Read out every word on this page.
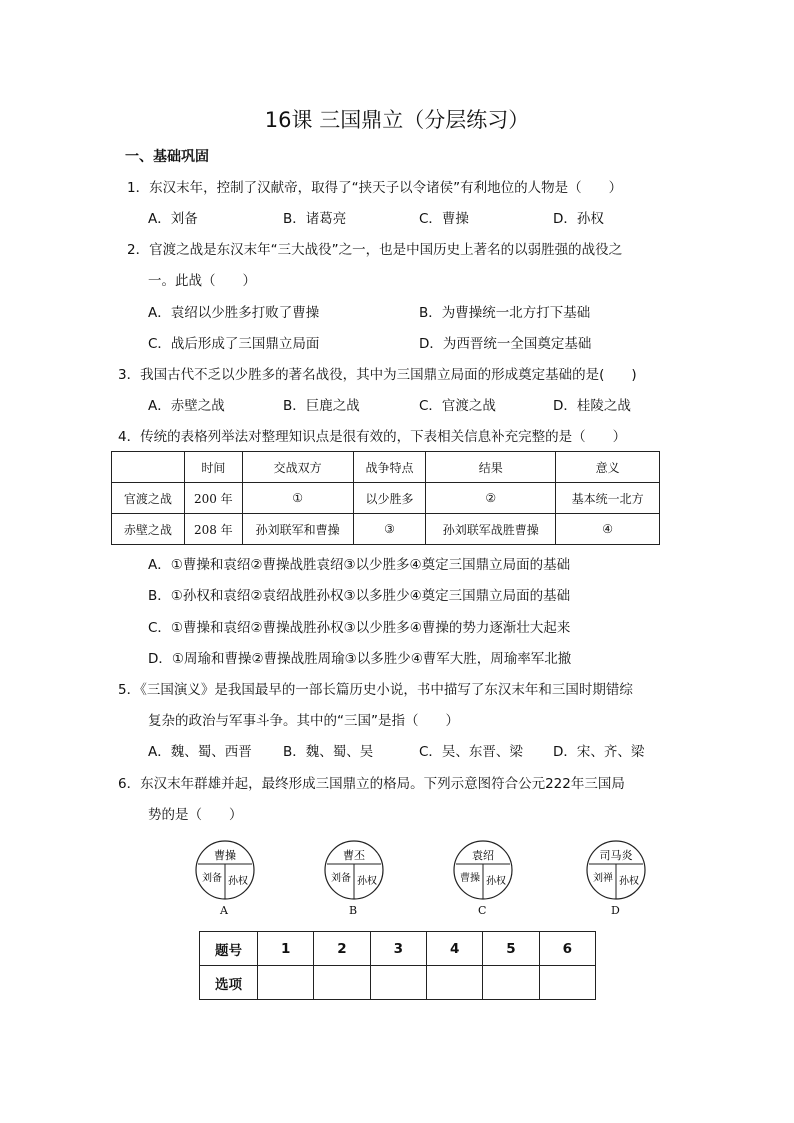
16课 三国鼎立（分层练习）
一、基础巩固
1．东汉末年，控制了汉献帝，取得了“挟天子以令诸侯”有利地位的人物是（　　）
A．刘备	B．诸葛亮	C．曹操	D．孙权
2．官渡之战是东汉末年“三大战役”之一，也是中国历史上著名的以弱胜强的战役之
一。此战（　　）
A．袁绍以少胜多打败了曹操	B．为曹操统一北方打下基础
C．战后形成了三国鼎立局面	D．为西晋统一全国奠定基础
3．我国古代不乏以少胜多的著名战役，其中为三国鼎立局面的形成奠定基础的是(　　)
A．赤壁之战	B．巨鹿之战	C．官渡之战	D．桂陵之战
4．传统的表格列举法对整理知识点是很有效的，下表相关信息补充完整的是（　　）
	时间	交战双方	战争特点	结果	意义
官渡之战	200 年	①	以少胜多	②	基本统一北方
赤壁之战	208 年	孙刘联军和曹操	③	孙刘联军战胜曹操	④
A．①曹操和袁绍②曹操战胜袁绍③以少胜多④奠定三国鼎立局面的基础
B．①孙权和袁绍②袁绍战胜孙权③以多胜少④奠定三国鼎立局面的基础
C．①曹操和袁绍②曹操战胜孙权③以少胜多④曹操的势力逐渐壮大起来
D．①周瑜和曹操②曹操战胜周瑜③以多胜少④曹军大胜，周瑜率军北撤
5．《三国演义》是我国最早的一部长篇历史小说，书中描写了东汉末年和三国时期错综
复杂的政治与军事斗争。其中的“三国”是指（　　）
A．魏、蜀、西晋 B．魏、蜀、吴	C．吴、东晋、梁 D．宋、齐、梁
6．东汉末年群雄并起，最终形成三国鼎立的格局。下列示意图符合公元222年三国局
势的是（　　）
曹操
刘备 孙权
A
曹丕
刘备 孙权
B
袁绍
曹操 孙权
C
司马炎
刘禅 孙权
D
题号	1	2	3	4	5	6
选项						
